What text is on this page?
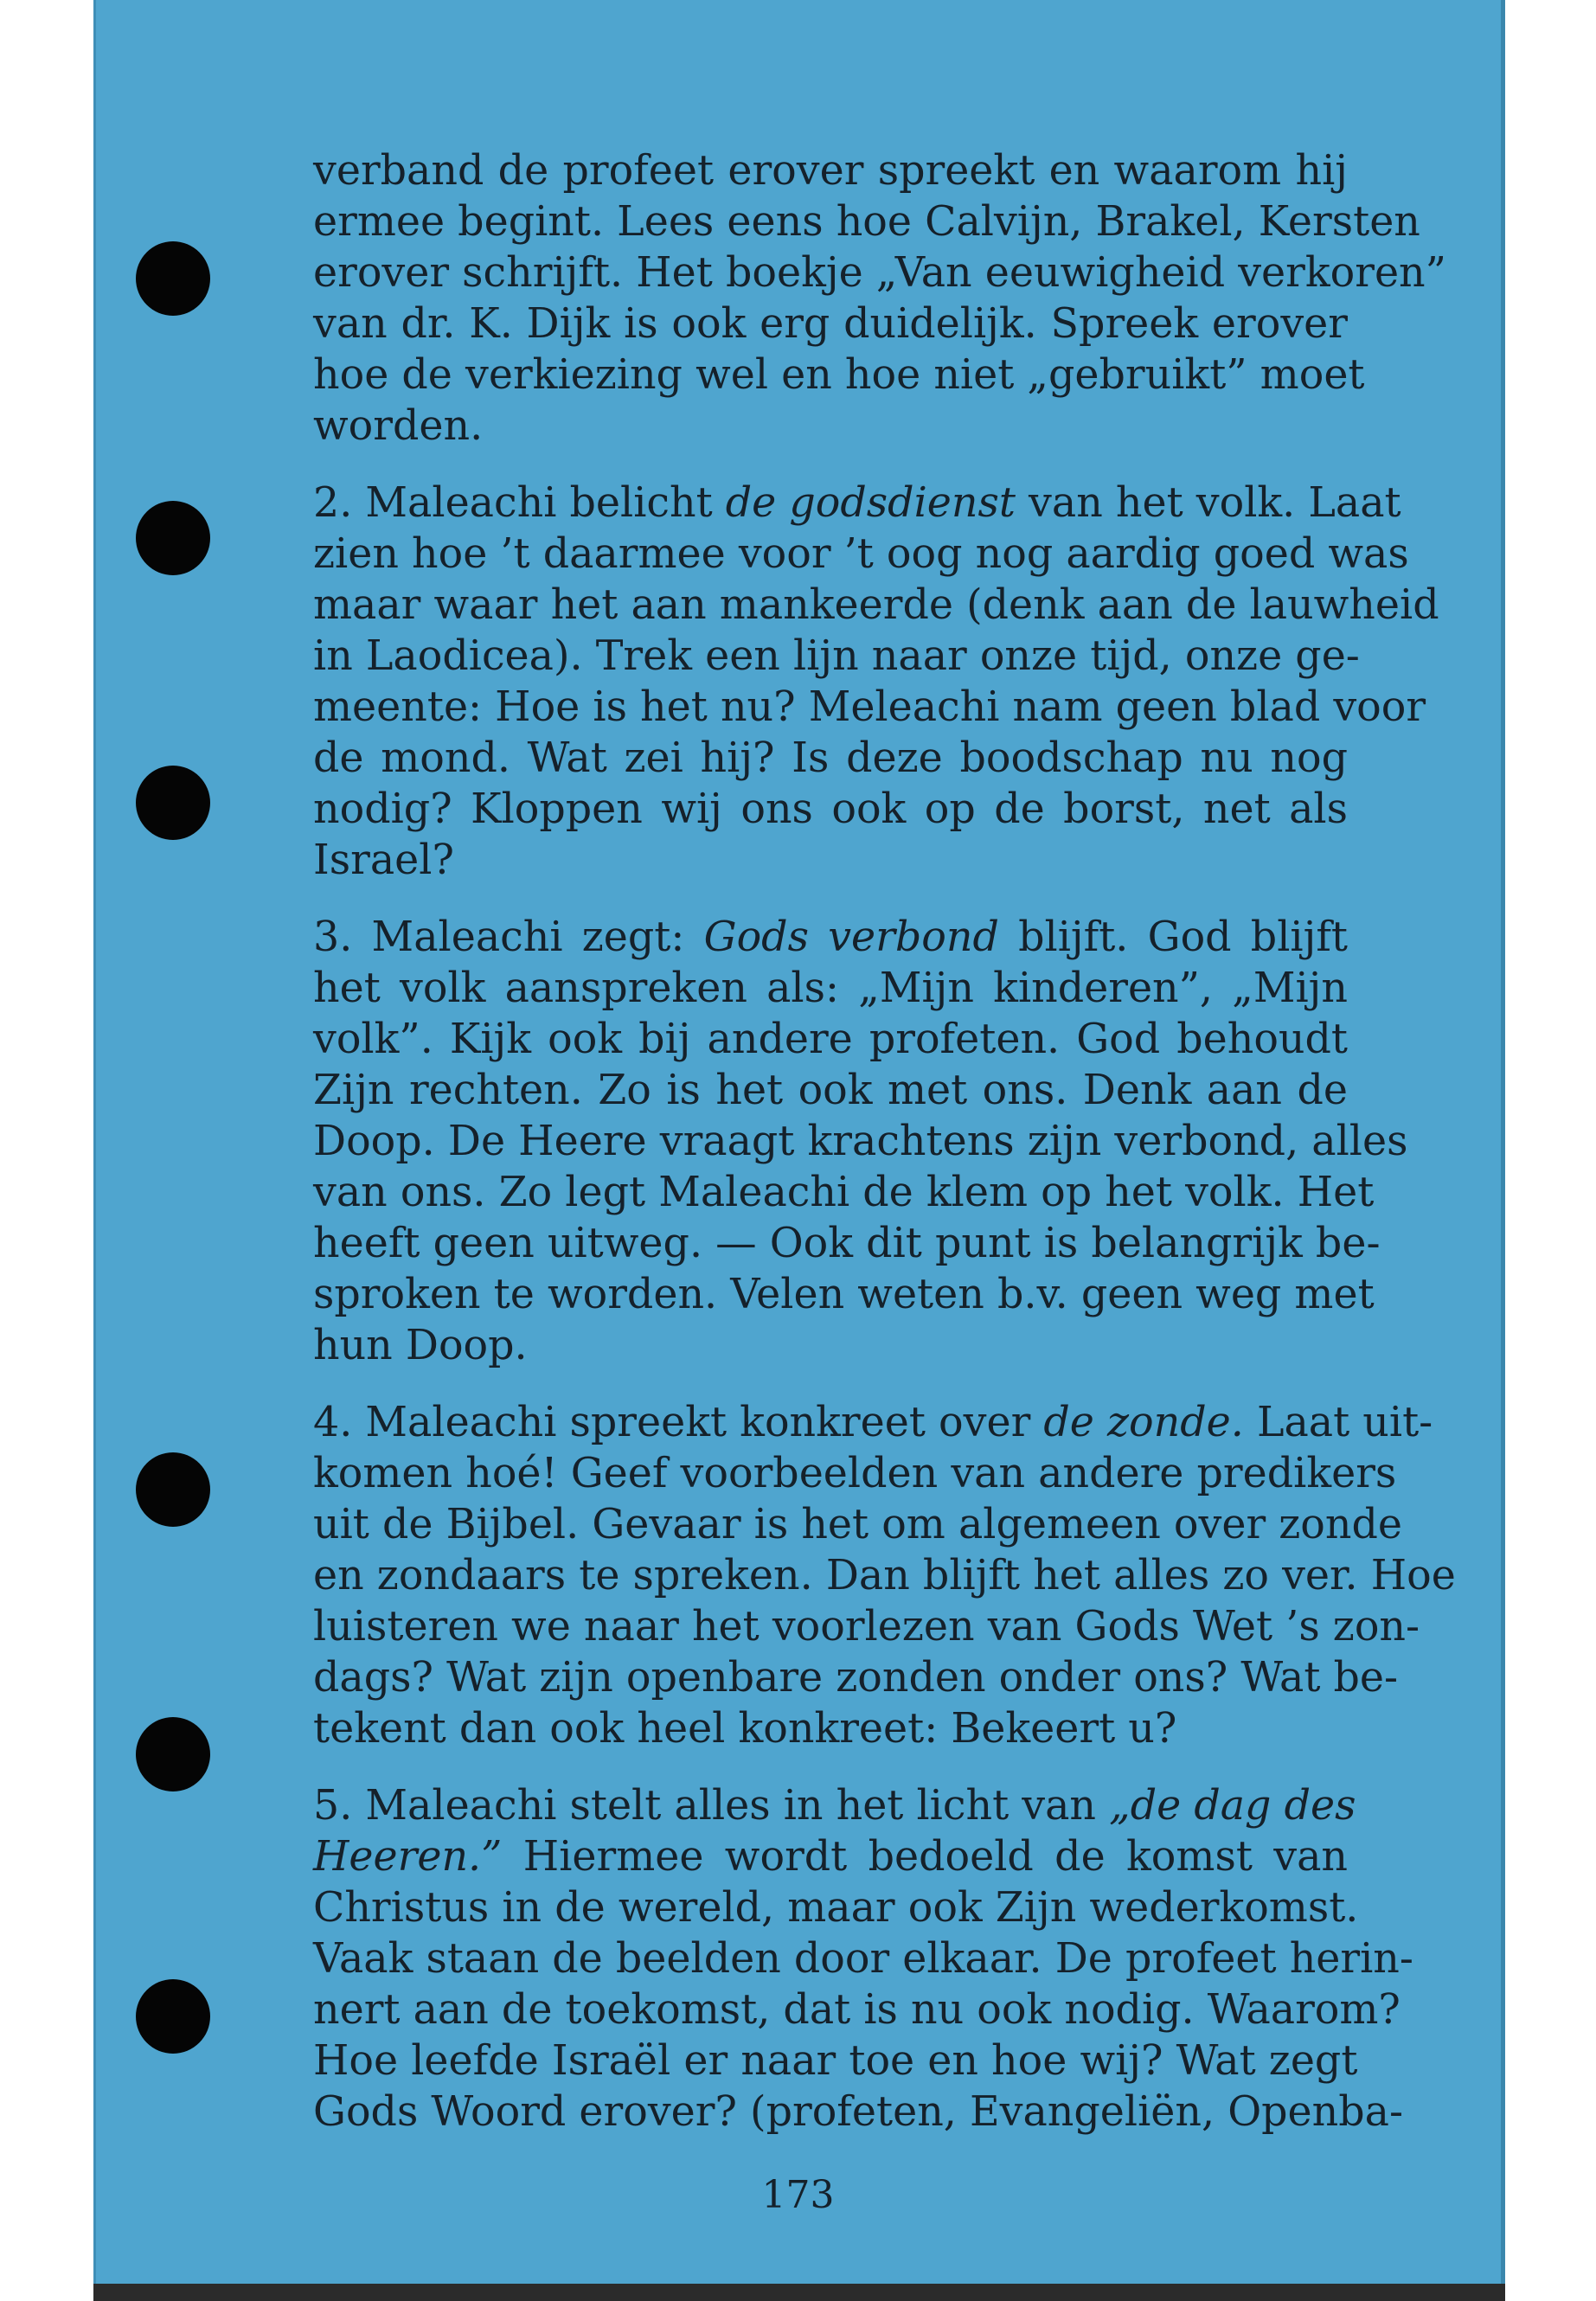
verband de profeet erover spreekt en waarom hij
ermee begint. Lees eens hoe Calvijn, Brakel, Kersten
erover schrijft. Het boekje „Van eeuwigheid verkoren”
van dr. K. Dijk is ook erg duidelijk. Spreek erover
hoe de verkiezing wel en hoe niet „gebruikt” moet
worden.
2. Maleachi belicht de godsdienst van het volk. Laat
zien hoe ’t daarmee voor ’t oog nog aardig goed was
maar waar het aan mankeerde (denk aan de lauwheid
in Laodicea). Trek een lijn naar onze tijd, onze ge-
meente: Hoe is het nu? Meleachi nam geen blad voor
de mond. Wat zei hij? Is deze boodschap nu nog
nodig? Kloppen wij ons ook op de borst, net als
Israel?
3. Maleachi zegt: Gods verbond blijft. God blijft
het volk aanspreken als: „Mijn kinderen”, „Mijn
volk”. Kijk ook bij andere profeten. God behoudt
Zijn rechten. Zo is het ook met ons. Denk aan de
Doop. De Heere vraagt krachtens zijn verbond, alles
van ons. Zo legt Maleachi de klem op het volk. Het
heeft geen uitweg. — Ook dit punt is belangrijk be-
sproken te worden. Velen weten b.v. geen weg met
hun Doop.
4. Maleachi spreekt konkreet over de zonde. Laat uit-
komen hoé! Geef voorbeelden van andere predikers
uit de Bijbel. Gevaar is het om algemeen over zonde
en zondaars te spreken. Dan blijft het alles zo ver. Hoe
luisteren we naar het voorlezen van Gods Wet ’s zon-
dags? Wat zijn openbare zonden onder ons? Wat be-
tekent dan ook heel konkreet: Bekeert u?
5. Maleachi stelt alles in het licht van „de dag des
Heeren.” Hiermee wordt bedoeld de komst van
Christus in de wereld, maar ook Zijn wederkomst.
Vaak staan de beelden door elkaar. De profeet herin-
nert aan de toekomst, dat is nu ook nodig. Waarom?
Hoe leefde Israël er naar toe en hoe wij? Wat zegt
Gods Woord erover? (profeten, Evangeliën, Openba-
173
